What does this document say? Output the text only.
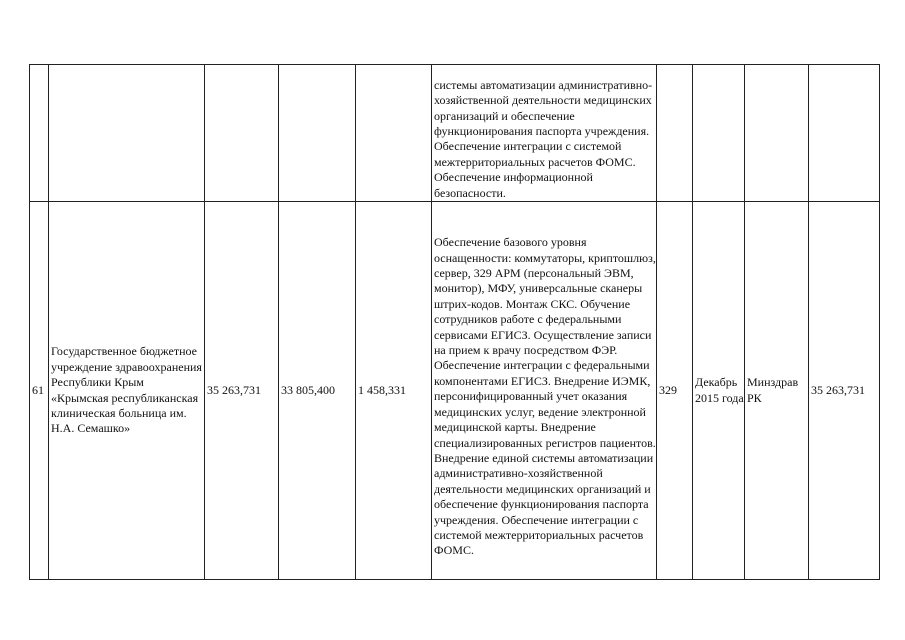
					системы автоматизации административно-хозяйственной деятельности медицинских организаций и обеспечение функционирования паспорта учреждения. Обеспечение интеграции с системой межтерриториальных расчетов ФОМС. Обеспечение информационной безопасности.				
61	Государственное бюджетное учреждение здравоохранения Республики Крым «Крымская республиканская клиническая больница им. Н.А. Семашко»	35 263,731	33 805,400	1 458,331	Обеспечение базового уровня оснащенности: коммутаторы, криптошлюз, сервер, 329 АРМ (персональный ЭВМ, монитор), МФУ, универсальные сканеры штрих-кодов. Монтаж СКС. Обучение сотрудников работе с федеральными сервисами ЕГИСЗ. Осуществление записи на прием к врачу посредством ФЭР. Обеспечение интеграции с федеральными компонентами ЕГИСЗ. Внедрение ИЭМК, персонифицированный учет оказания медицинских услуг, ведение электронной медицинской карты. Внедрение специализированных регистров пациентов. Внедрение единой системы автоматизации административно-хозяйственной деятельности медицинских организаций и обеспечение функционирования паспорта учреждения. Обеспечение интеграции с системой межтерриториальных расчетов ФОМС.	329	Декабрь 2015 года	Минздрав РК	35 263,731
